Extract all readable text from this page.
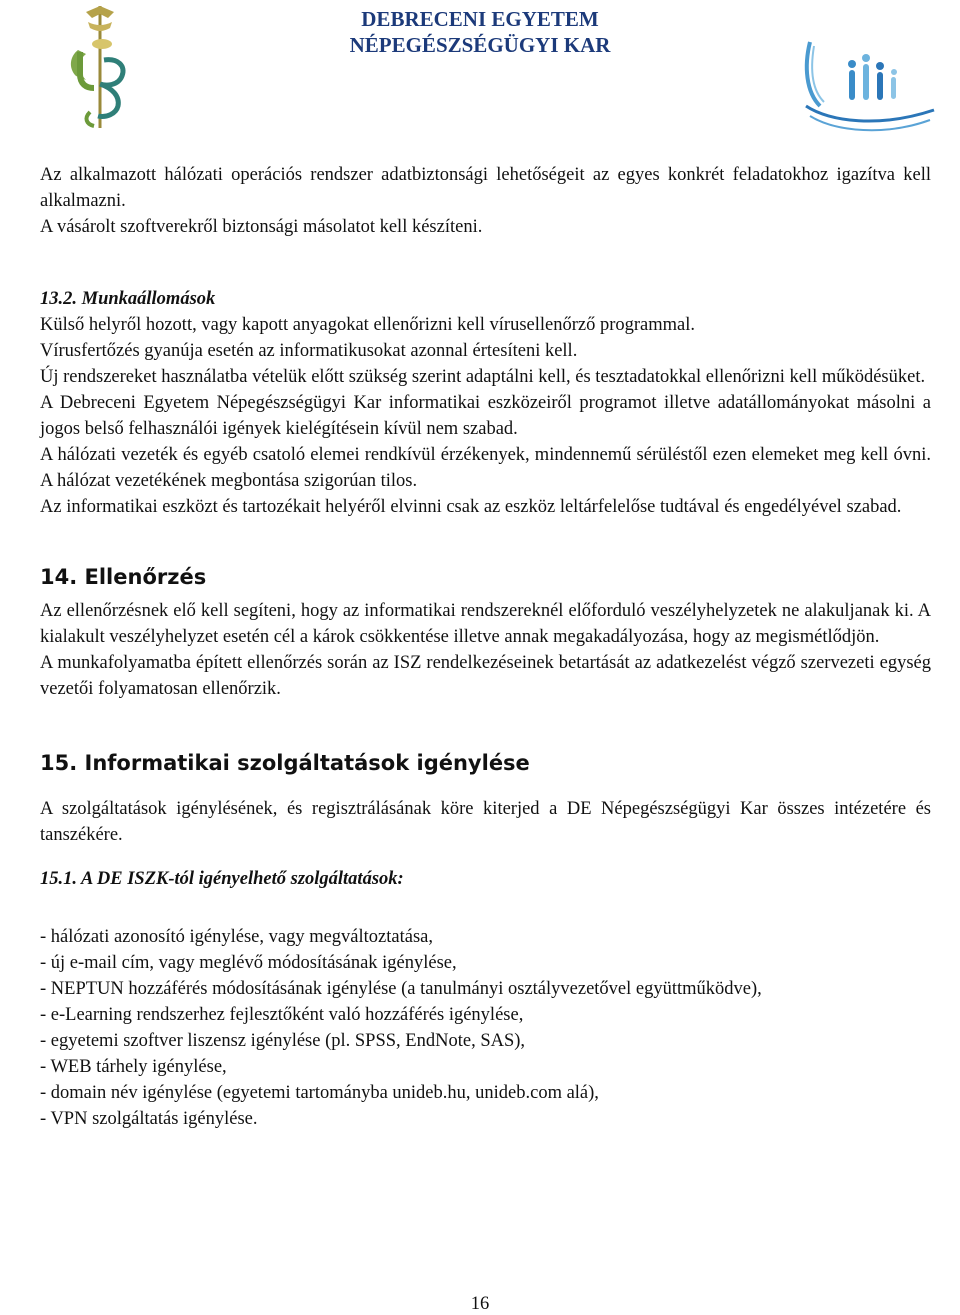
DEBRECENI EGYETEM
NÉPEGÉSZSÉGÜGYI KAR

Az alkalmazott hálózati operációs rendszer adatbiztonsági lehetőségeit az egyes konkrét feladatokhoz igazítva kell alkalmazni.

A vásárolt szoftverekről biztonsági másolatot kell készíteni.

13.2. Munkaállomások

Külső helyről hozott, vagy kapott anyagokat ellenőrizni kell vírusellenőrző programmal.

Vírusfertőzés gyanúja esetén az informatikusokat azonnal értesíteni kell.

Új rendszereket használatba vételük előtt szükség szerint adaptálni kell, és tesztadatokkal ellenőrizni kell működésüket.

A Debreceni Egyetem Népegészségügyi Kar informatikai eszközeiről programot illetve adatállományokat másolni a jogos belső felhasználói igények kielégítésein kívül nem szabad.

A hálózati vezeték és egyéb csatoló elemei rendkívül érzékenyek, mindennemű sérüléstől ezen elemeket meg kell óvni. A hálózat vezetékének megbontása szigorúan tilos.

Az informatikai eszközt és tartozékait helyéről elvinni csak az eszköz leltárfelelőse tudtával és engedélyével szabad.

14. Ellenőrzés

Az ellenőrzésnek elő kell segíteni, hogy az informatikai rendszereknél előforduló veszélyhelyzetek ne alakuljanak ki. A kialakult veszélyhelyzet esetén cél a károk csökkentése illetve annak megakadályozása, hogy az megismétlődjön.

A munkafolyamatba épített ellenőrzés során az ISZ rendelkezéseinek betartását az adatkezelést végző szervezeti egység vezetői folyamatosan ellenőrzik.

15. Informatikai szolgáltatások igénylése

A szolgáltatások igénylésének, és regisztrálásának köre kiterjed a DE Népegészségügyi Kar összes intézetére és tanszékére.

15.1. A DE ISZK-tól igényelhető szolgáltatások:

- hálózati azonosító igénylése, vagy megváltoztatása,

- új e-mail cím, vagy meglévő módosításának igénylése,

- NEPTUN hozzáférés módosításának igénylése (a tanulmányi osztályvezetővel együttműködve),

- e-Learning rendszerhez fejlesztőként való hozzáférés igénylése,

- egyetemi szoftver liszensz igénylése (pl. SPSS, EndNote, SAS),

- WEB tárhely igénylése,

- domain név igénylése (egyetemi tartományba unideb.hu, unideb.com alá),

- VPN szolgáltatás igénylése.

16
